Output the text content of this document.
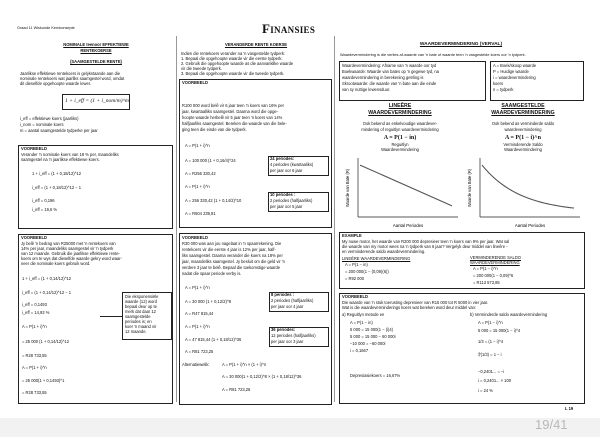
Graad 11 Wiskunde Kernkonsepte	Finansies
NOMINALE teenoor EFFEKTIEWE
RENTEKOERSE
(SAAMGESTELDE RENTE)
Jaarlikse effektiewe rentekoers is gelykstaande aan die
nominale rentekoers wat jaarliks saamgestel word, omdat
dit dieselfde opgehoopte waarde lewer.
1 + i_eff = (1 + i_nom/m)^m
i_eff = effektiewe koers (jaarliks)
i_nom = nominale koers
m = aantal saamgestelde tydperke per jaar
VOORBEELD
Verander 'n nominale koers van 18 % per, maandeliks
saamgestel na 'n jaarlikse effektiewe koers.
1 + i_eff = (1 + 0,18/12)^12
i_eff = (1 + 0,18/12)^12 − 1
i_eff = 0,196
i_eff = 19,6 %
VOORBEELD
Jy belê 'n bedrag van R25000 met 'n rentekoers van
14% per jaar, maandeliks saamgestel vir 'n tydperk
van 12 maande. Gebruik die jaarlikse effektiewe rente-
koers om te wys dat dieselfde waarde gekry word waar-
neer die nominale koers gebruik word.
1 + i_eff = (1 + 0,14/12)^12
i_eff = (1 + 0,14/12)^12 − 1
i_eff = 0,1493
i_eff = 14,93 %
A = P(1 + i)^n
= 25 000 (1 + 0,14/12)^12
= R28 733,55
A = P(1 + i)^n
= 25 000(1 + 0,1493)^1
= R28 733,55
Die eksponensiële
waarde (12) word
bepaal deur op te
merk dat daar 12
saamgestelde
periodes is; en
koer 'n maand vir
12 maande.
VERANDERDE RENTE KOERSE
Indien die rentekoers verander na 'n vasgestelde tydperk:
1. Bepaal die opgehoopte waarde vir die eerste tydperk.
2. Gebruik die opgehoopte waarde as die aanvanklike waarde
vir die tweede tydperk.
3. Bepaal die opgehoopte waarde vir die tweede tydperk.
VOORBEELD
R100 000 word belê vir 6 jaar teen 'n koers van 16% per
jaar, kwartaalliks saamgestel. Daarna word die opge-
hoopte waarde herbelê vir 5 jaar teen 'n koers van 14%
halfjaarliks saamgestel. Bereken die waarde van die bele-
ging teen die einde van die tydperk.
A = P(1 + i)^n
A = 100 000 (1 + 0,16/4)^24
A = R256 330,42
A = P(1 + i)^n
A = 256 330,42 (1 + 0,14/2)^10
A = R504 239,91
24 periodes:
4 periodes (kwartaaliks)
per jaar oor 6 jaar
10 periodes :
2 periodes (halfjaarliks)
per jaar oor 5 jaar
VOORBEELD
R30 000 was aan jou nagelaat in 'n spaarrekening. Die
rentekoers vir die eerste 4 jaar is 12% per jaar, half-
liks saamgestel. Daarna verander die koers na 18% per
jaar, maandeliks saamgestel. Jy besluit om die geld vir 'n
verdere 3 jaar te belê. Bepaal die toekomstige waarde
nadat die spaar periode verby is.
A = P(1 + i)^n
A = 30 000 (1 + 0,12/2)^8
A = R47 815,44
A = P(1 + i)^n
A = 47 815,44 (1 + 0,18/12)^36
A = R81 723,25
8 periodes :
2 periodes (halfjaarliks)
per jaar oor 4 jaar
36 periodes:
12 periodes (halfjaarliks)
per jaar oor 3 jaar
Alternatiewelik:	A = P(1 + i)^n × (1 + i)^n
A = 30 000(1 + 0,12/2)^8 × (1 + 0,18/12)^36
A = R81 723,26
WAARDEVERMINDERING (VERVAL)
Waardevermindering is die verlies af-waarde van 'n bate of waarde teen 'n vasgestelde koers oor 'n tydperk.
Waardevermindering: Afname van 'n waarde oor tyd
Boekwaarde: Waarde van bates op 'n gegewe tyd, na
waardevermindering in berekening getrling is
Skrootwaarde: die waarde van 'n bate aan die einde
van sy nuttige lewensduur.
A = Boek/skoop waarde
P = Huidige waarde
i = waardevermindering
koers
n = tydperk
LINEÊRE
WAARDEVERMINDERING
Ook bekend as enkelvoudige waardever-
mindering of reguitlyn waardevermindering
A = P(1 − in)
Reguitlyn
Waardevermindering
SAAMGESTELDE
WAARDEVERMINDERING
Ook bekend as verminderde saldo
waardevermindering
A = P(1 − i)^n
Verminderende Saldo
Waardevermindering
Waarde van Bate (R)
Aantal Periodes
Waarde van Bate (R)
Aantal Periodes
EXAMPLE
My nuwe motor, het waarde van R200 000 depresieer teen 'n koers van 9% per jaar. Wat sal
die waarde van my motor wees na 'n tydperk van 6 jaar? Vergelyk deur middel van lineêre -
en verminderende saldo waardevermindering.
LINEÊRE WAARDEVERMINDERING
A = P(1 − in)
= 200 000(1 − (0,09)(6))
= R92 000
VERMINDERENDE SALDO
WAARDEVERMINDERING
A = P(1 − i)^n
= 200 000(1 − 0,09)^6
= R113 573,85
VOORBEELD
Die waarde van 'n stuk toerusting depresieer van R15 000 tot R 5000 in vier jaar.
Wat is die waardeverminderings koers wat bereken word deur middel van:
a) Reguitlyn metode en	b) Verminderde saldo waardevermindering
A = P(1 − in)
5 000 = 15 000(1 − (i)4)
5 000 = 15 000 − 60 000i
−10 000 = −60 000i
i = 0,1667
Depresiasiekoers = 16,67%
A = P(1 − i)^n
5 000 = 15 000(1 − i)^4
1/3 = (1 − i)^4
∜(1/3) = 1 − i
−0,2401... = −i
i = 0,2401... × 100
i = 24 %
L 19
19/41
